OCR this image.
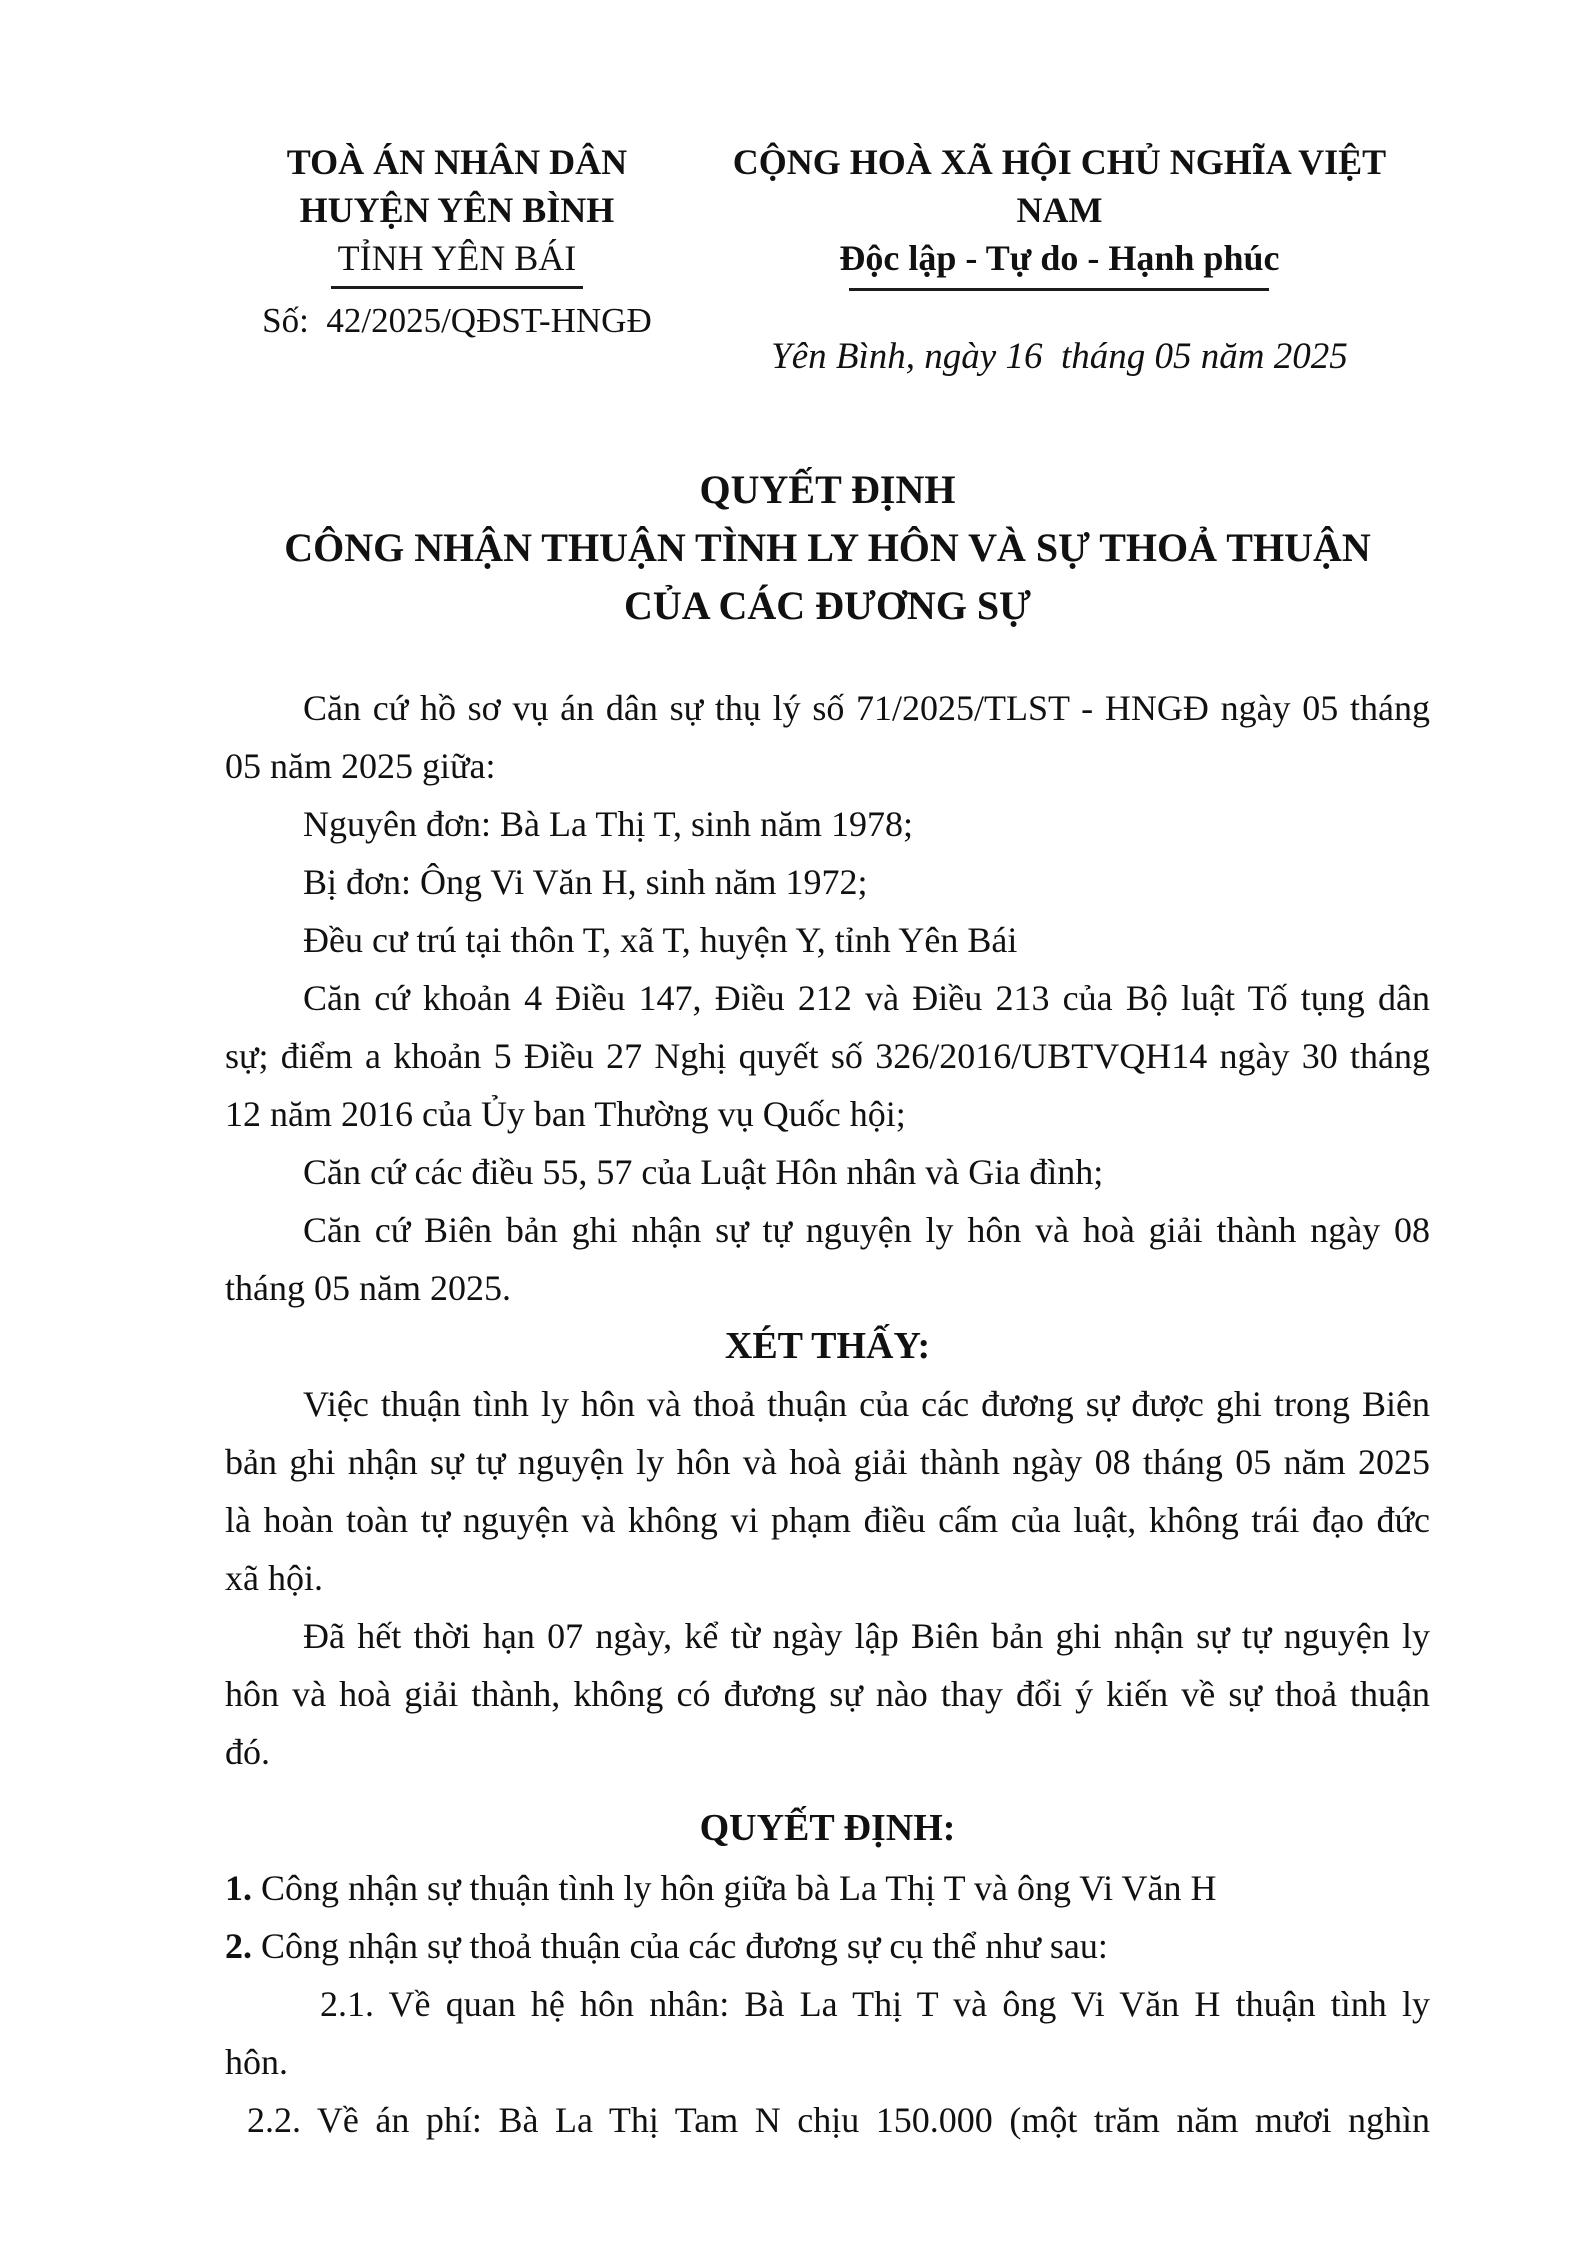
TOÀ ÁN NHÂN DÂN
HUYỆN YÊN BÌNH
TỈNH YÊN BÁI
Số:  42/2025/QĐST-HNGĐ
CỘNG HOÀ XÃ HỘI CHỦ NGHĨA VIỆT NAM
Độc lập - Tự do - Hạnh phúc
Yên Bình, ngày 16  tháng 05 năm 2025
QUYẾT ĐỊNH
CÔNG NHẬN THUẬN TÌNH LY HÔN VÀ SỰ THOẢ THUẬN
CỦA CÁC ĐƯƠNG SỰ
Căn cứ hồ sơ vụ án dân sự thụ lý số 71/2025/TLST - HNGĐ ngày 05 tháng
05 năm 2025 giữa:
Nguyên đơn: Bà La Thị T, sinh năm 1978;
Bị đơn: Ông Vi Văn H, sinh năm 1972;
Đều cư trú tại thôn T, xã T, huyện Y, tỉnh Yên Bái
Căn cứ khoản 4 Điều 147, Điều 212 và Điều 213 của Bộ luật Tố tụng dân
sự; điểm a khoản 5 Điều 27 Nghị quyết số 326/2016/UBTVQH14 ngày 30 tháng
12 năm 2016 của Ủy ban Thường vụ Quốc hội;
Căn cứ các điều 55, 57 của Luật Hôn nhân và Gia đình;
Căn cứ Biên bản ghi nhận sự tự nguyện ly hôn và hoà giải thành ngày 08
tháng 05 năm 2025.
XÉT THẤY:
Việc thuận tình ly hôn và thoả thuận của các đương sự được ghi trong Biên
bản ghi nhận sự tự nguyện ly hôn và hoà giải thành ngày 08 tháng 05 năm 2025
là hoàn toàn tự nguyện và không vi phạm điều cấm của luật, không trái đạo đức
xã hội.
Đã hết thời hạn 07 ngày, kể từ ngày lập Biên bản ghi nhận sự tự nguyện ly
hôn và hoà giải thành, không có đương sự nào thay đổi ý kiến về sự thoả thuận
đó.
QUYẾT ĐỊNH:
1. Công nhận sự thuận tình ly hôn giữa bà La Thị T và ông Vi Văn H
2. Công nhận sự thoả thuận của các đương sự cụ thể như sau:
2.1. Về quan hệ hôn nhân: Bà La Thị T và ông Vi Văn H thuận tình ly
hôn.
2.2. Về án phí: Bà La Thị Tam N chịu 150.000 (một trăm năm mươi nghìn
